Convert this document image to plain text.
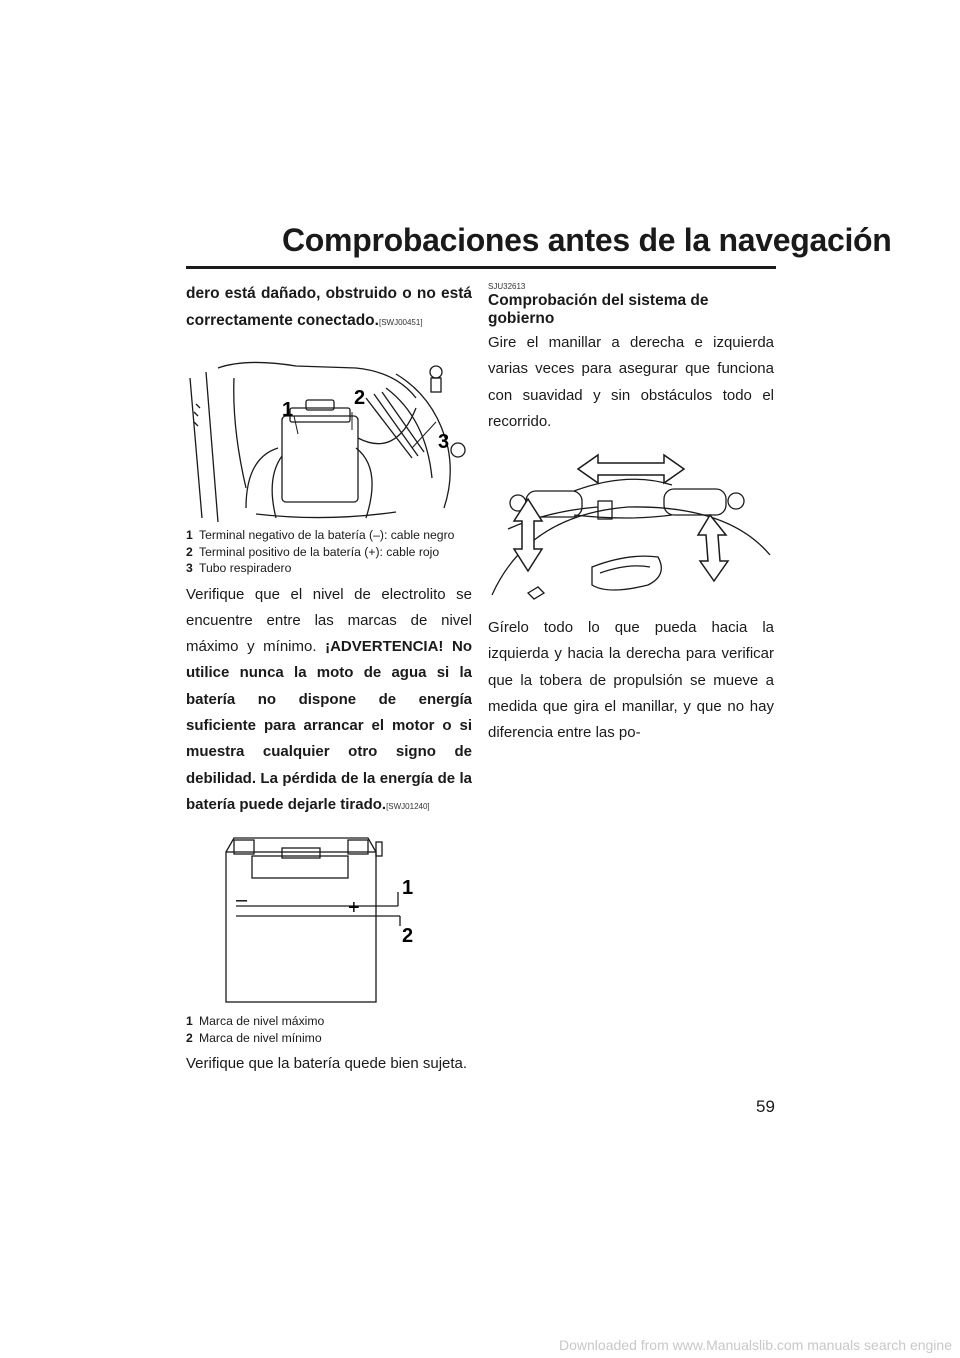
Comprobaciones antes de la navegación

dero está dañado, obstruido o no está correctamente conectado.[SWJ00451]

1
2
3
1 Terminal negativo de la batería (–): cable negro
2 Terminal positivo de la batería (+): cable rojo
3 Tubo respiradero

Verifique que el nivel de electrolito se encuentre entre las marcas de nivel máximo y mínimo. ¡ADVERTENCIA! No utilice nunca la moto de agua si la batería no dispone de energía suficiente para arrancar el motor o si muestra cualquier otro signo de debilidad. La pérdida de la energía de la batería puede dejarle tirado.[SWJ01240]

–	+
1
2
1 Marca de nivel máximo
2 Marca de nivel mínimo

Verifique que la batería quede bien sujeta.

SJU32613
Comprobación del sistema de gobierno

Gire el manillar a derecha e izquierda varias veces para asegurar que funciona con suavidad y sin obstáculos todo el recorrido.

Gírelo todo lo que pueda hacia la izquierda y hacia la derecha para verificar que la tobera de propulsión se mueve a medida que gira el manillar, y que no hay diferencia entre las po-

59
Downloaded from www.Manualslib.com manuals search engine
